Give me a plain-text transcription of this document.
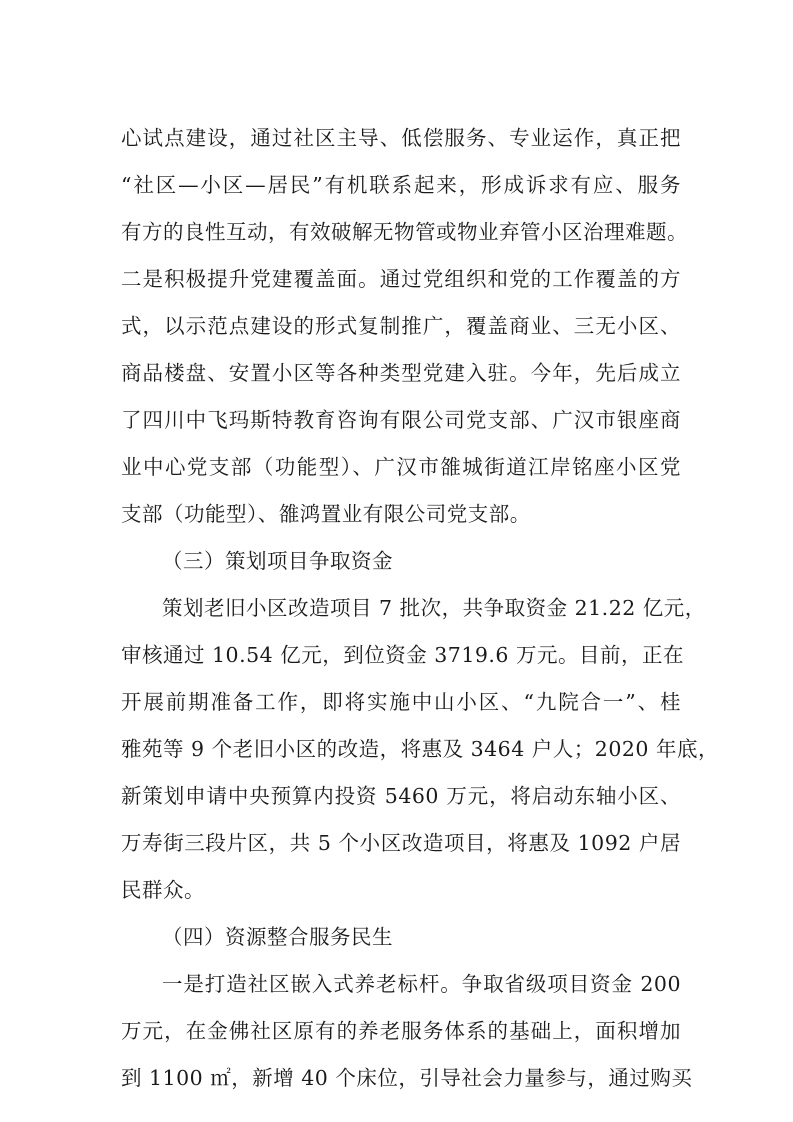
心试点建设，通过社区主导、低偿服务、专业运作，真正把
“社区—小区—居民”有机联系起来，形成诉求有应、服务
有方的良性互动，有效破解无物管或物业弃管小区治理难题。
二是积极提升党建覆盖面。通过党组织和党的工作覆盖的方
式，以示范点建设的形式复制推广，覆盖商业、三无小区、
商品楼盘、安置小区等各种类型党建入驻。今年，先后成立
了四川中飞玛斯特教育咨询有限公司党支部、广汉市银座商
业中心党支部（功能型）、广汉市雒城街道江岸铭座小区党
支部（功能型）、雒鸿置业有限公司党支部。
（三）策划项目争取资金
策划老旧小区改造项目 7 批次，共争取资金 21.22 亿元，
审核通过 10.54 亿元，到位资金 3719.6 万元。目前，正在
开展前期准备工作，即将实施中山小区、“九院合一”、桂
雅苑等 9 个老旧小区的改造，将惠及 3464 户人；2020 年底，
新策划申请中央预算内投资 5460 万元，将启动东轴小区、
万寿街三段片区，共 5 个小区改造项目，将惠及 1092 户居
民群众。
（四）资源整合服务民生
一是打造社区嵌入式养老标杆。争取省级项目资金 200
万元，在金佛社区原有的养老服务体系的基础上，面积增加
到 1100 ㎡，新增 40 个床位，引导社会力量参与，通过购买
